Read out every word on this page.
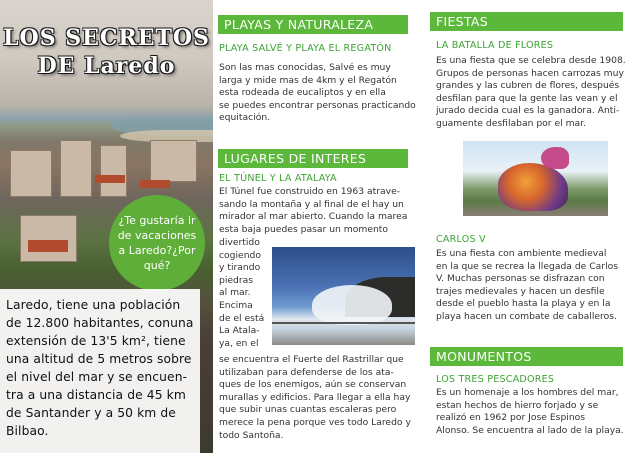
LOS SECRETOS
DE Laredo
¿Te gustaría ir de vacaciones a Laredo?¿Por qué?
Laredo, tiene una población
de 12.800 habitantes, conuna
extensión de 13'5 km², tiene
una altitud de 5 metros sobre
el nivel del mar y se encuen-
tra a una distancia de 45 km
de Santander y a 50 km de
Bilbao.
PLAYAS Y NATURALEZA
PLAYA SALVÉ Y PLAYA EL REGATÓN
Son las mas conocidas, Salvé es muy
larga y mide mas de 4km y el Regatón
esta rodeada de eucaliptos y en ella
se puedes encontrar personas practicando
equitación.
LUGARES DE INTERES
EL TÚNEL Y LA ATALAYA
El Túnel fue construido en 1963 atrave-
sando la montaña y al final de el hay un
mirador al mar abierto. Cuando la marea
esta baja puedes pasar un momento
divertido
cogiendo
y tirando
piedras
al mar.
Encima
de el está
La Atala-
ya, en el
se encuentra el Fuerte del Rastrillar que
utilizaban para defenderse de los ata-
ques de los enemigos, aún se conservan
murallas y edificios. Para llegar a ella hay
que subir unas cuantas escaleras pero
merece la pena porque ves todo Laredo y
todo Santoña.
FIESTAS
LA BATALLA DE FLORES
Es una fiesta que se celebra desde 1908.
Grupos de personas hacen carrozas muy
grandes y las cubren de flores, después
desfilan para que la gente las vean y el
jurado decida cual es la ganadora. Anti-
guamente desfilaban por el mar.
CARLOS V
Es una fiesta con ambiente medieval
en la que se recrea la llegada de Carlos
V. Muchas personas se disfrazan con
trajes medievales y hacen un desfile
desde el pueblo hasta la playa y en la
playa hacen un combate de caballeros.
MONUMENTOS
LOS TRES PESCADORES
Es un homenaje a los hombres del mar,
estan hechos de hierro forjado y se
realizó en 1962 por Jose Espinos
Alonso. Se encuentra al lado de la playa.
